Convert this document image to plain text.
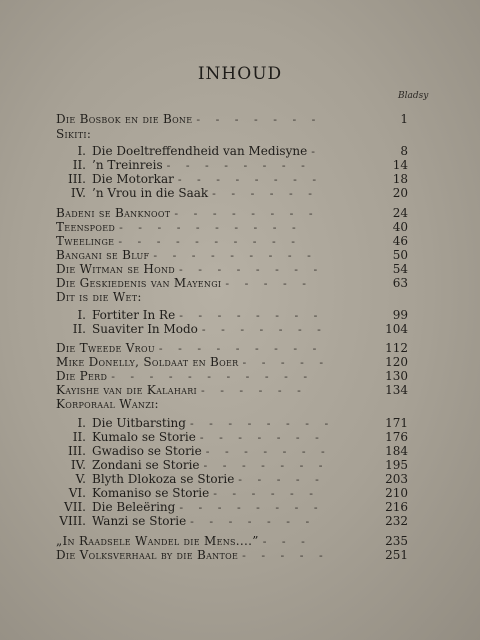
INHOUD
Bladsy
Die Bosbok en die Bone - - - - - - -	1
Sikiti:
I. Die Doeltreffendheid van Medisyne -	8
II. ’n Treinreis - - - - - - - -	14
III. Die Motorkar - - - - - - - -	18
IV. ’n Vrou in die Saak - - - - - -	20
Badeni se Banknoot - - - - - - - -	24
Teenspoed - - - - - - - - - -	40
Tweelinge - - - - - - - - - -	46
Bangani se Bluf - - - - - - - - -	50
Die Witman se Hond - - - - - - - -	54
Die Geskiedenis van Mayengi - - - - -	63
Dit is die Wet:
I. Fortiter In Re - - - - - - - -	99
II. Suaviter In Modo - - - - - - -	104
Die Tweede Vrou - - - - - - - - -	112
Mike Donelly, Soldaat en Boer - - - - -	120
Die Perd - - - - - - - - - - -	130
Kayishe van die Kalahari - - - - - -	134
Korporaal Wanzi:
I. Die Uitbarsting - - - - - - - -	171
II. Kumalo se Storie - - - - - - -	176
III. Gwadiso se Storie - - - - - - -	184
IV. Zondani se Storie - - - - - - -	195
V. Blyth Dlokoza se Storie - - - - -	203
VI. Komaniso se Storie - - - - - -	210
VII. Die Beleëring - - - - - - - -	216
VIII. Wanzi se Storie - - - - - - -	232
„In Raadsele Wandel die Mens....” - - -	235
Die Volksverhaal by die Bantoe - - - - -	251
